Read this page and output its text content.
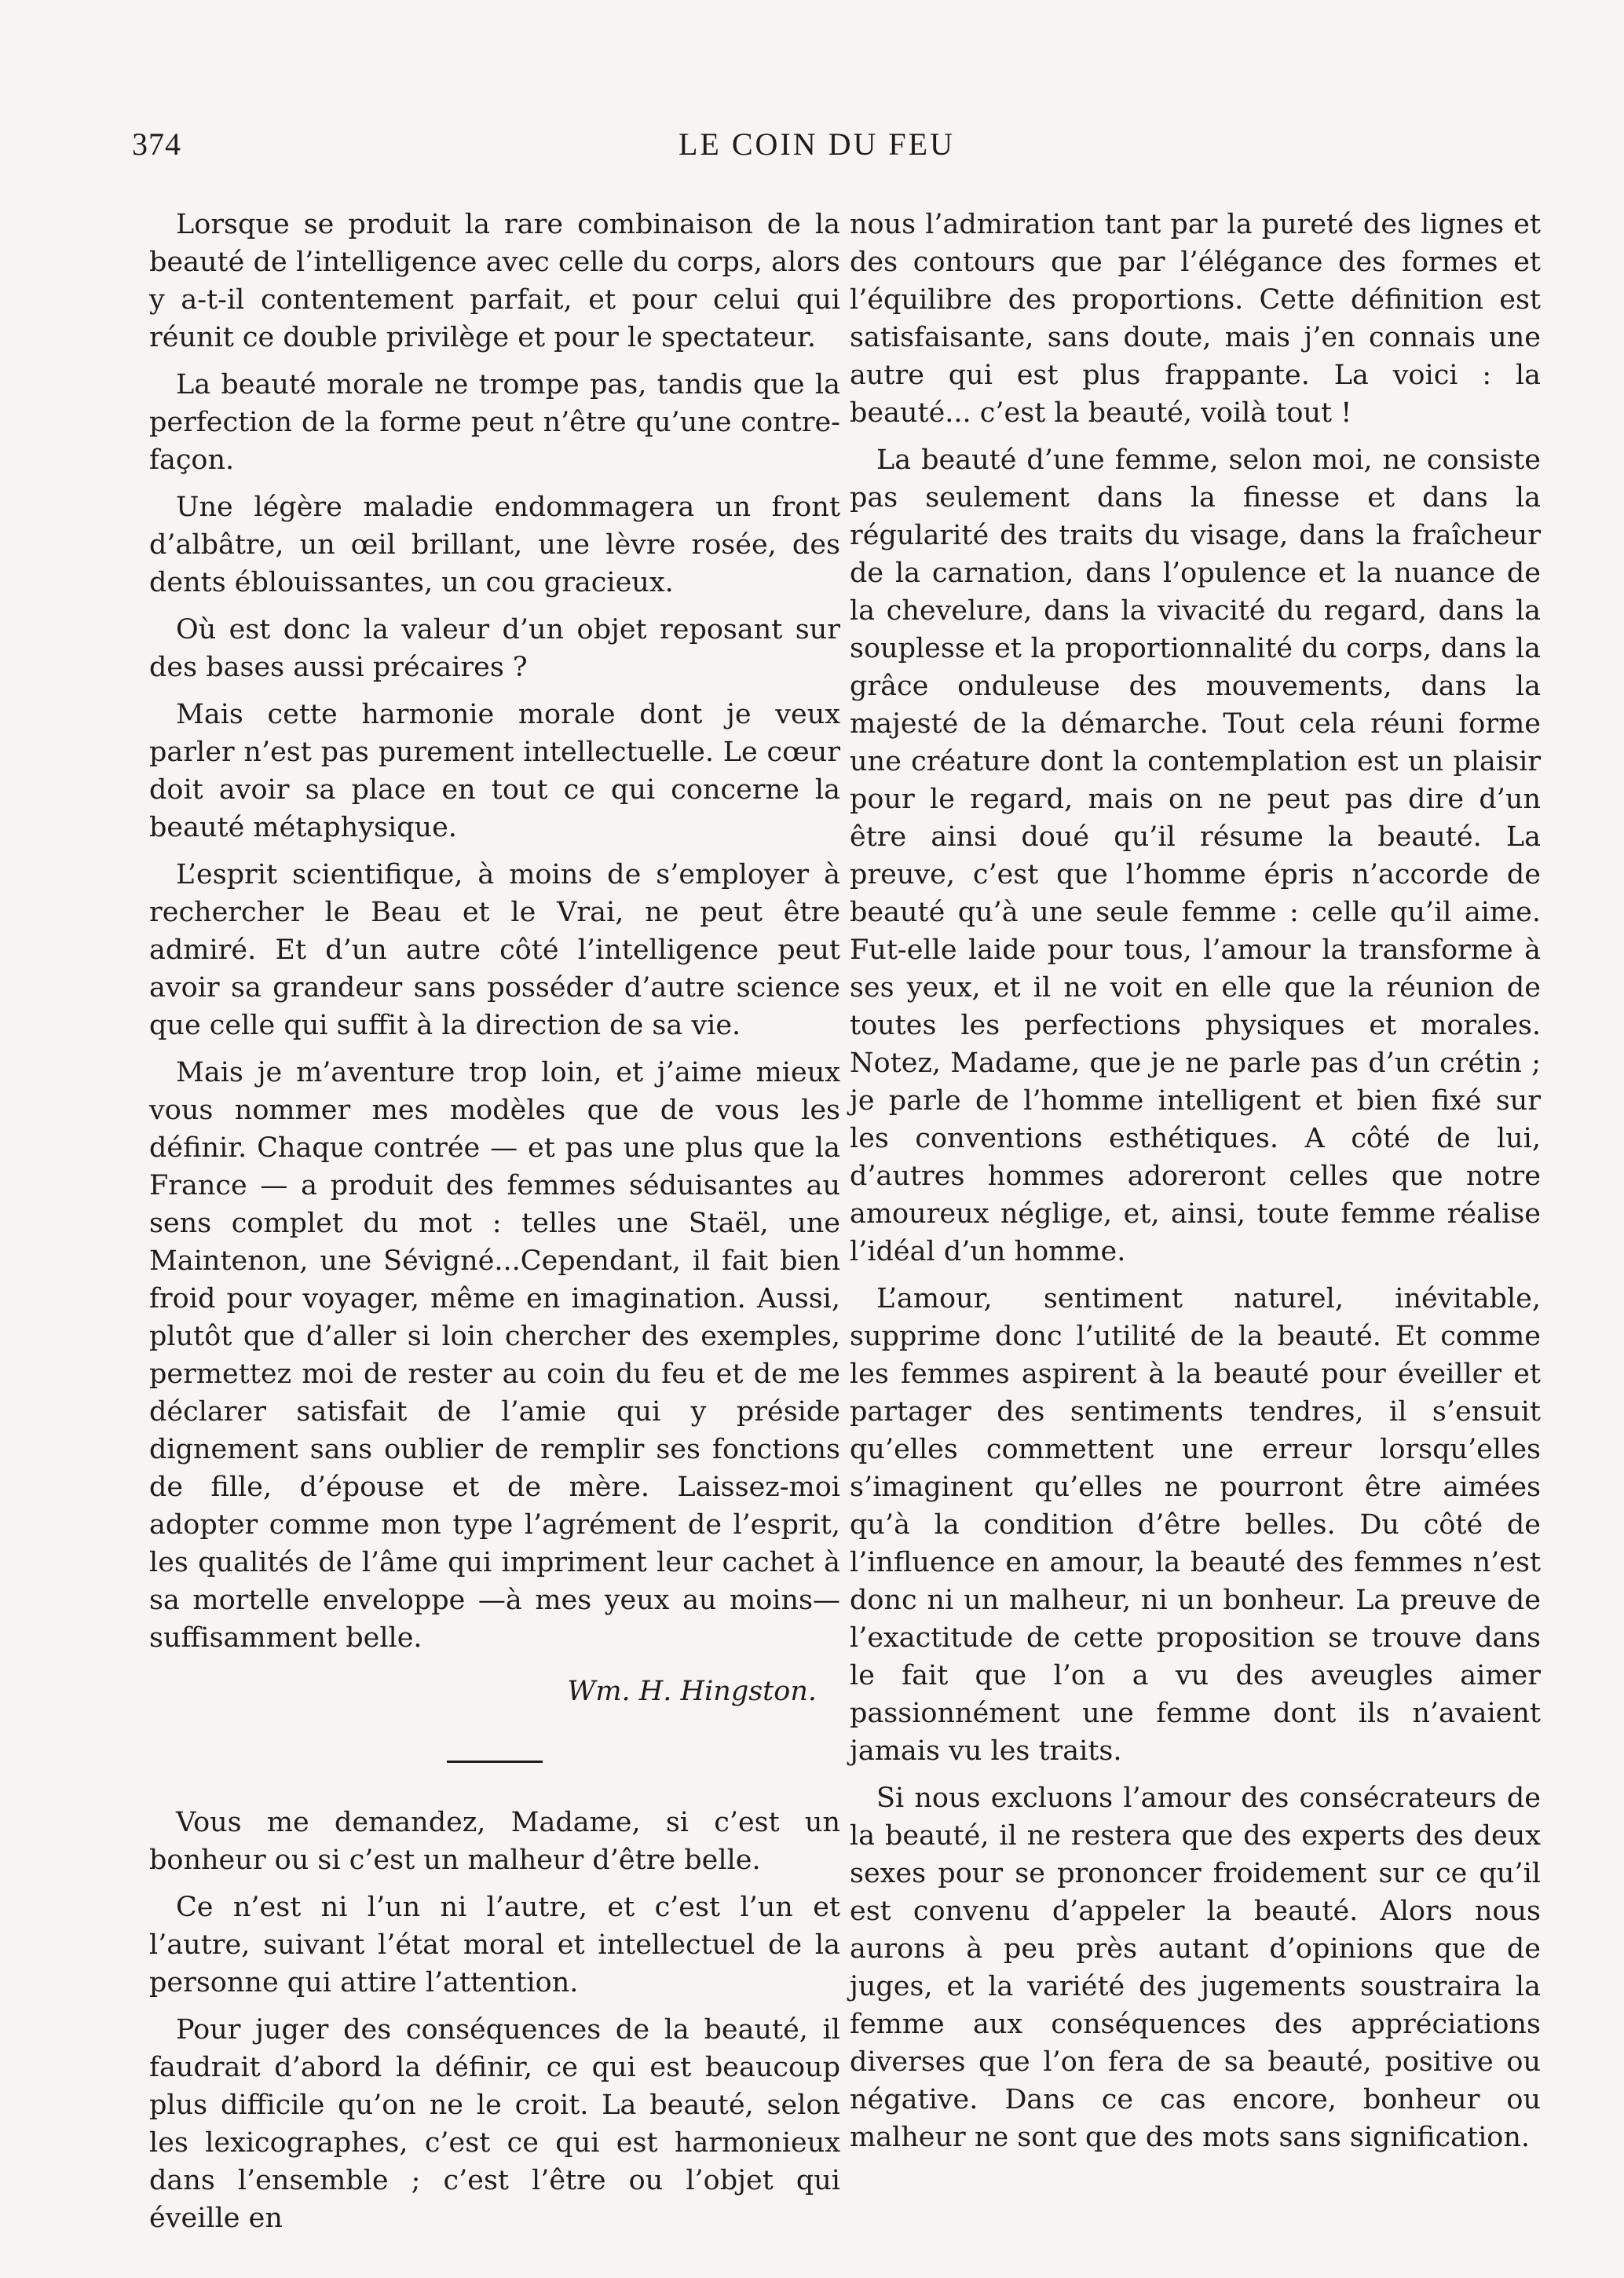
374	LE COIN DU FEU

Lorsque se produit la rare combinaison de la beauté de l’intelligence avec celle du corps, alors y a-t-il contentement parfait, et pour celui qui réunit ce double privilège et pour le spectateur.

La beauté morale ne trompe pas, tandis que la perfection de la forme peut n’être qu’une contre-façon.

Une légère maladie endommagera un front d’albâtre, un œil brillant, une lèvre rosée, des dents éblouissantes, un cou gracieux.

Où est donc la valeur d’un objet reposant sur des bases aussi précaires ?

Mais cette harmonie morale dont je veux parler n’est pas purement intellectuelle. Le cœur doit avoir sa place en tout ce qui concerne la beauté métaphysique.

L’esprit scientifique, à moins de s’employer à rechercher le Beau et le Vrai, ne peut être admiré. Et d’un autre côté l’intelligence peut avoir sa grandeur sans posséder d’autre science que celle qui suffit à la direction de sa vie.

Mais je m’aventure trop loin, et j’aime mieux vous nommer mes modèles que de vous les définir. Chaque contrée — et pas une plus que la France — a produit des femmes séduisantes au sens complet du mot : telles une Staël, une Maintenon, une Sévigné...Cependant, il fait bien froid pour voyager, même en imagination. Aussi, plutôt que d’aller si loin chercher des exemples, permettez moi de rester au coin du feu et de me déclarer satisfait de l’amie qui y préside dignement sans oublier de remplir ses fonctions de fille, d’épouse et de mère. Laissez-moi adopter comme mon type l’agrément de l’esprit, les qualités de l’âme qui impriment leur cachet à sa mortelle enveloppe —à mes yeux au moins—suffisamment belle.

Wm. H. Hingston.

Vous me demandez, Madame, si c’est un bonheur ou si c’est un malheur d’être belle.

Ce n’est ni l’un ni l’autre, et c’est l’un et l’autre, suivant l’état moral et intellectuel de la personne qui attire l’attention.

Pour juger des conséquences de la beauté, il faudrait d’abord la définir, ce qui est beaucoup plus difficile qu’on ne le croit. La beauté, selon les lexicographes, c’est ce qui est harmonieux dans l’ensemble ; c’est l’être ou l’objet qui éveille en

nous l’admiration tant par la pureté des lignes et des contours que par l’élégance des formes et l’équilibre des proportions. Cette définition est satisfaisante, sans doute, mais j’en connais une autre qui est plus frappante. La voici : la beauté... c’est la beauté, voilà tout !

La beauté d’une femme, selon moi, ne consiste pas seulement dans la finesse et dans la régularité des traits du visage, dans la fraîcheur de la carnation, dans l’opulence et la nuance de la chevelure, dans la vivacité du regard, dans la souplesse et la proportionnalité du corps, dans la grâce onduleuse des mouvements, dans la majesté de la démarche. Tout cela réuni forme une créature dont la contemplation est un plaisir pour le regard, mais on ne peut pas dire d’un être ainsi doué qu’il résume la beauté. La preuve, c’est que l’homme épris n’accorde de beauté qu’à une seule femme : celle qu’il aime. Fut-elle laide pour tous, l’amour la transforme à ses yeux, et il ne voit en elle que la réunion de toutes les perfections physiques et morales. Notez, Madame, que je ne parle pas d’un crétin ; je parle de l’homme intelligent et bien fixé sur les conventions esthétiques. A côté de lui, d’autres hommes adoreront celles que notre amoureux néglige, et, ainsi, toute femme réalise l’idéal d’un homme.

L’amour, sentiment naturel, inévitable, supprime donc l’utilité de la beauté. Et comme les femmes aspirent à la beauté pour éveiller et partager des sentiments tendres, il s’ensuit qu’elles commettent une erreur lorsqu’elles s’imaginent qu’elles ne pourront être aimées qu’à la condition d’être belles. Du côté de l’influence en amour, la beauté des femmes n’est donc ni un malheur, ni un bonheur. La preuve de l’exactitude de cette proposition se trouve dans le fait que l’on a vu des aveugles aimer passionnément une femme dont ils n’avaient jamais vu les traits.

Si nous excluons l’amour des consécrateurs de la beauté, il ne restera que des experts des deux sexes pour se prononcer froidement sur ce qu’il est convenu d’appeler la beauté. Alors nous aurons à peu près autant d’opinions que de juges, et la variété des jugements soustraira la femme aux conséquences des appréciations diverses que l’on fera de sa beauté, positive ou négative. Dans ce cas encore, bonheur ou malheur ne sont que des mots sans signification.
